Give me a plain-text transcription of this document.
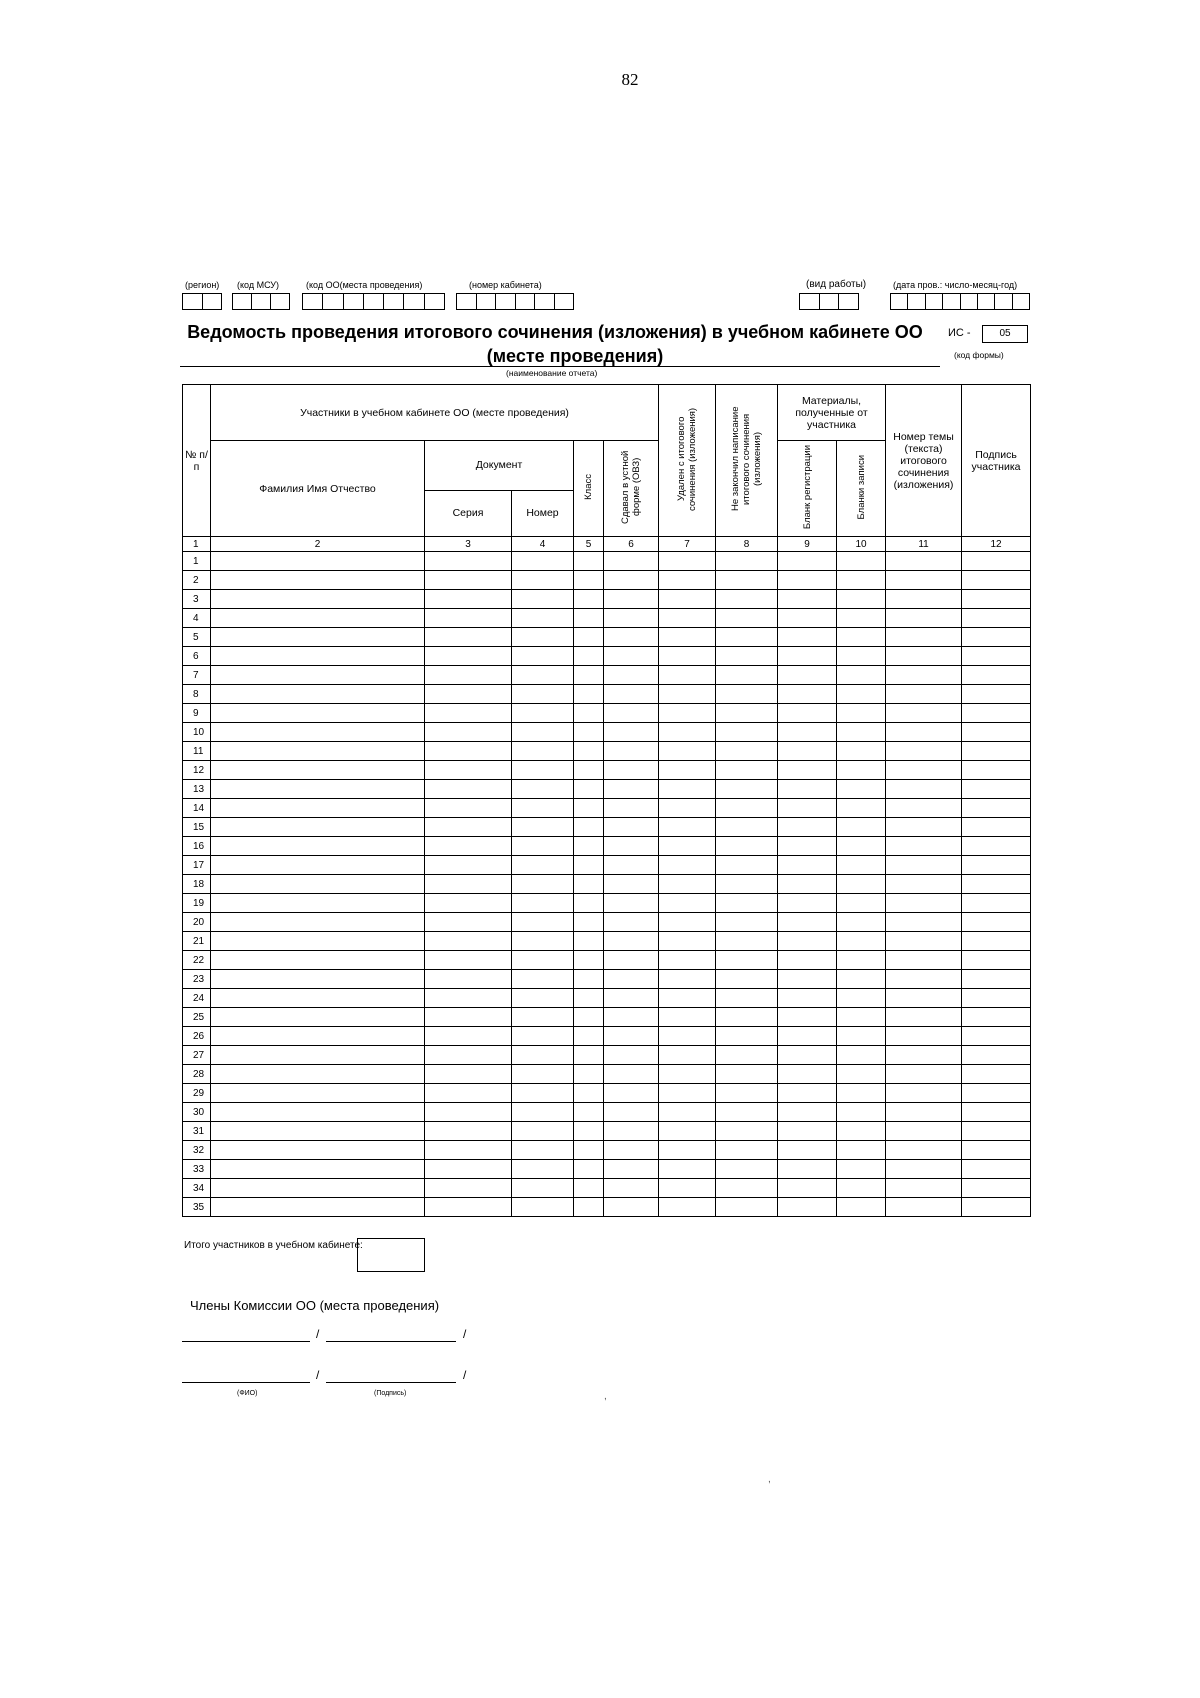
82
(регион) (код МСУ)	(код ОО(места проведения)	(номер кабинета)	(вид работы)	(дата пров.: число-месяц-год)
Ведомость проведения итогового сочинения (изложения) в учебном кабинете ОО
(месте проведения)
(наименование отчета)
ИС -	05
(код формы)
№ п/п	Участники в учебном кабинете ОО (месте проведения)					Удален с итогового сочинения (изложения)	Не закончил написание итогового сочинения (изложения)	Материалы, полученные от участника		Номер темы (текста) итогового сочинения (изложения)	Подпись участника
	Фамилия Имя Отчество	Документ		Класс	Сдавал в устной форме (ОВЗ)			Бланк регистрации	Бланки записи		
		Серия	Номер								
1	2	3	4	5	6	7	8	9	10	11	12
1											
2											
3											
4											
5											
6											
7											
8											
9											
10											
11											
12											
13											
14											
15											
16											
17											
18											
19											
20											
21											
22											
23											
24											
25											
26											
27											
28											
29											
30											
31											
32											
33											
34											
35											
Итого участников в учебном кабинете:
Члены Комиссии ОО (места проведения)
/	/
/	/
(ФИО)	(Подпись)	,
,
